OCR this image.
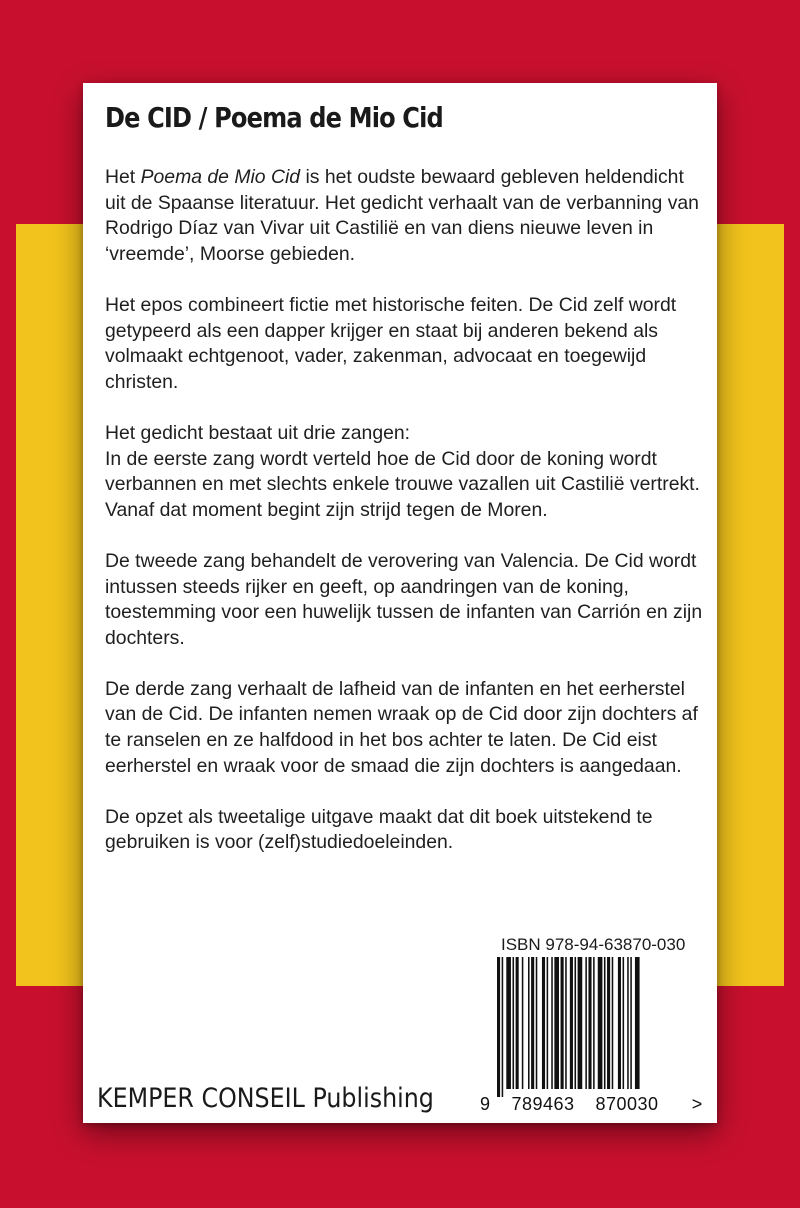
De CID / Poema de Mio Cid

Het Poema de Mio Cid is het oudste bewaard gebleven heldendicht uit de Spaanse literatuur. Het gedicht verhaalt van de verbanning van Rodrigo Díaz van Vivar uit Castilië en van diens nieuwe leven in ‘vreemde’, Moorse gebieden.

Het epos combineert fictie met historische feiten. De Cid zelf wordt getypeerd als een dapper krijger en staat bij anderen bekend als volmaakt echtgenoot, vader, zakenman, advocaat en toegewijd christen.

Het gedicht bestaat uit drie zangen:

In de eerste zang wordt verteld hoe de Cid door de koning wordt verbannen en met slechts enkele trouwe vazallen uit Castilië vertrekt. Vanaf dat moment begint zijn strijd tegen de Moren.

De tweede zang behandelt de verovering van Valencia. De Cid wordt intussen steeds rijker en geeft, op aandringen van de koning, toestemming voor een huwelijk tussen de infanten van Carrión en zijn dochters.

De derde zang verhaalt de lafheid van de infanten en het eerherstel van de Cid. De infanten nemen wraak op de Cid door zijn dochters af te ranselen en ze halfdood in het bos achter te laten. De Cid eist eerherstel en wraak voor de smaad die zijn dochters is aangedaan.

De opzet als tweetalige uitgave maakt dat dit boek uitstekend te gebruiken is voor (zelf)studiedoeleinden.

ISBN 978-94-63870-030
9 789463 870030 >
KEMPER CONSEIL Publishing
